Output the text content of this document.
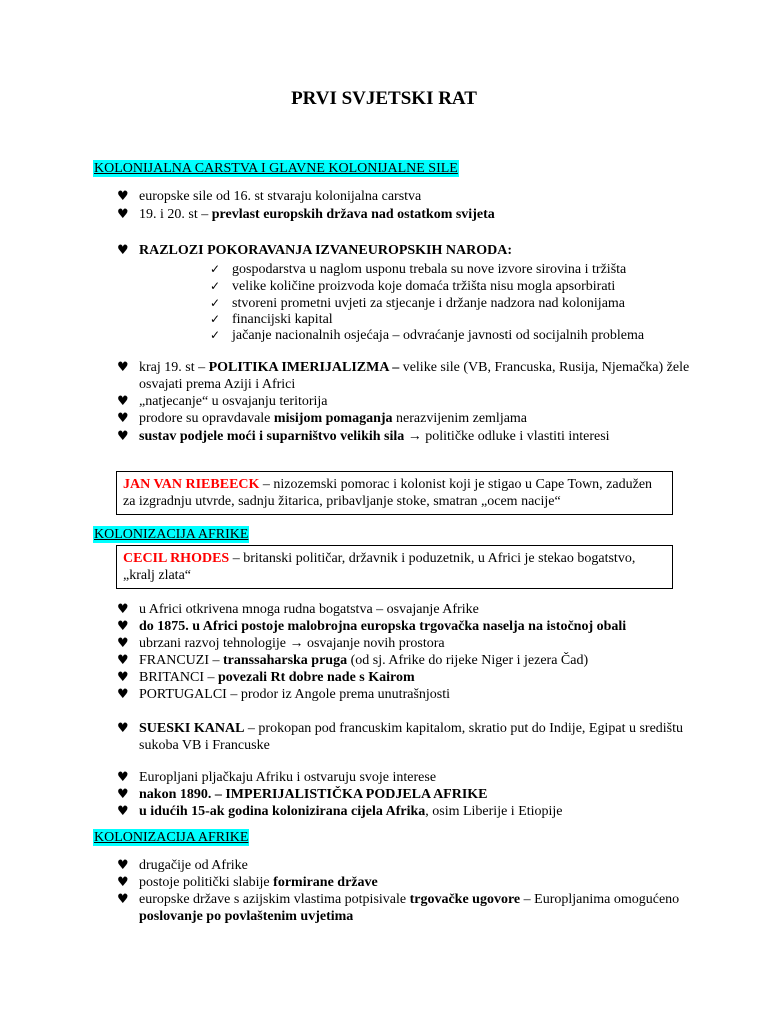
PRVI SVJETSKI RAT
KOLONIJALNA CARSTVA I GLAVNE KOLONIJALNE SILE
♥ europske sile od 16. st stvaraju kolonijalna carstva
♥ 19. i 20. st – prevlast europskih država nad ostatkom svijeta
♥ RAZLOZI POKORAVANJA IZVANEUROPSKIH NARODA:
✓ gospodarstva u naglom usponu trebala su nove izvore sirovina i tržišta
✓ velike količine proizvoda koje domaća tržišta nisu mogla apsorbirati
✓ stvoreni prometni uvjeti za stjecanje i držanje nadzora nad kolonijama
✓ financijski kapital
✓ jačanje nacionalnih osjećaja – odvraćanje javnosti od socijalnih problema
♥ kraj 19. st – POLITIKA IMERIJALIZMA – velike sile (VB, Francuska, Rusija, Njemačka) žele osvajati prema Aziji i Africi
♥ „natjecanje“ u osvajanju teritorija
♥ prodore su opravdavale misijom pomaganja nerazvijenim zemljama
♥ sustav podjele moći i suparništvo velikih sila → političke odluke i vlastiti interesi
JAN VAN RIEBEECK – nizozemski pomorac i kolonist koji je stigao u Cape Town, zadužen za izgradnju utvrde, sadnju žitarica, pribavljanje stoke, smatran „ocem nacije“
KOLONIZACIJA AFRIKE
CECIL RHODES – britanski političar, državnik i poduzetnik, u Africi je stekao bogatstvo, „kralj zlata“
♥ u Africi otkrivena mnoga rudna bogatstva – osvajanje Afrike
♥ do 1875. u Africi postoje malobrojna europska trgovačka naselja na istočnoj obali
♥ ubrzani razvoj tehnologije → osvajanje novih prostora
♥ FRANCUZI – transsaharska pruga (od sj. Afrike do rijeke Niger i jezera Čad)
♥ BRITANCI – povezali Rt dobre nade s Kairom
♥ PORTUGALCI – prodor iz Angole prema unutrašnjosti
♥ SUESKI KANAL – prokopan pod francuskim kapitalom, skratio put do Indije, Egipat u središtu sukoba VB i Francuske
♥ Europljani pljačkaju Afriku i ostvaruju svoje interese
♥ nakon 1890. – IMPERIJALISTIČKA PODJELA AFRIKE
♥ u idućih 15-ak godina kolonizirana cijela Afrika, osim Liberije i Etiopije
KOLONIZACIJA AFRIKE
♥ drugačije od Afrike
♥ postoje politički slabije formirane države
♥ europske države s azijskim vlastima potpisivale trgovačke ugovore – Europljanima omogućeno poslovanje po povlaštenim uvjetima
